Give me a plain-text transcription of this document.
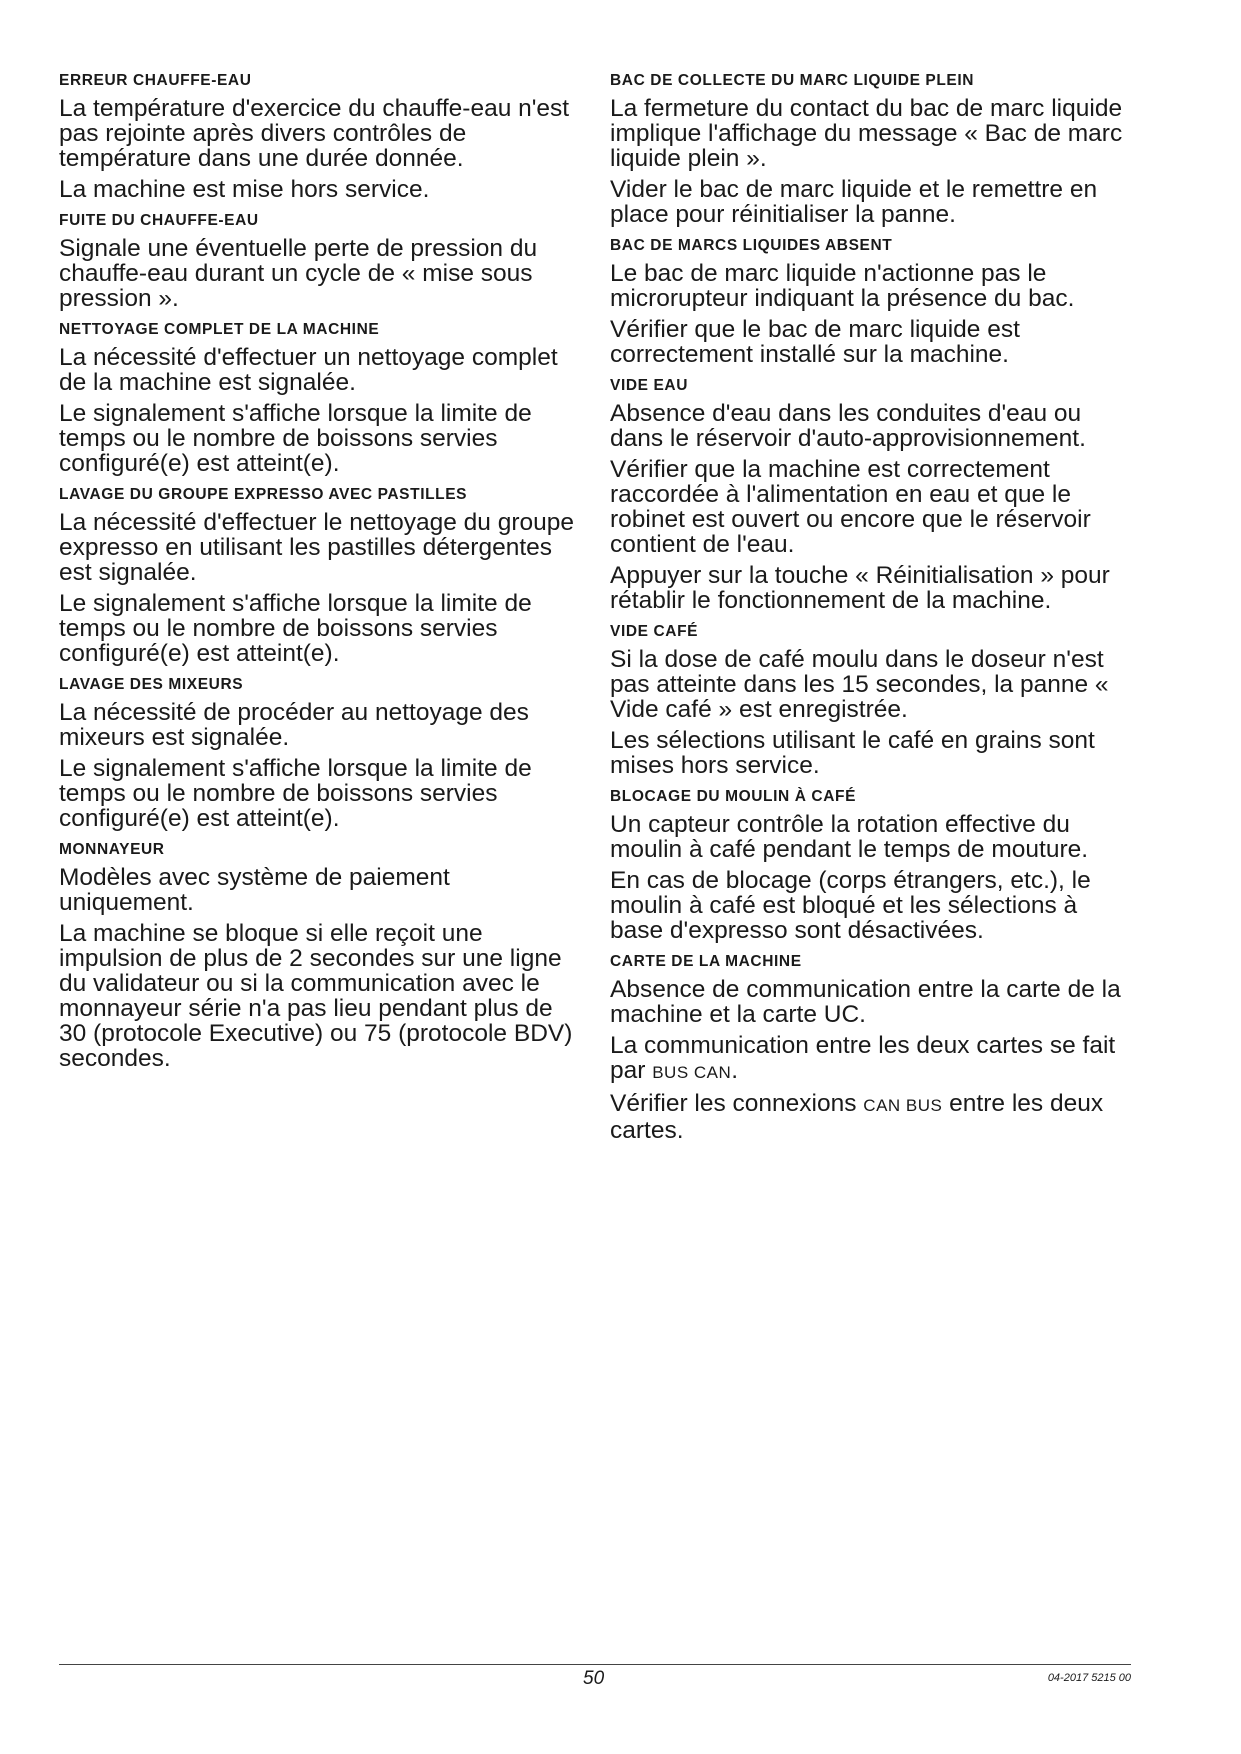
ERREUR CHAUFFE-EAU

La température d'exercice du chauffe-eau n'est pas rejointe après divers contrôles de température dans une durée donnée.

La machine est mise hors service.

FUITE DU CHAUFFE-EAU

Signale une éventuelle perte de pression du chauffe-eau durant un cycle de « mise sous pression ».

NETTOYAGE COMPLET DE LA MACHINE

La nécessité d'effectuer un nettoyage complet de la machine est signalée.

Le signalement s'affiche lorsque la limite de temps ou le nombre de boissons servies configuré(e) est atteint(e).

LAVAGE DU GROUPE EXPRESSO AVEC PASTILLES

La nécessité d'effectuer le nettoyage du groupe expresso en utilisant les pastilles détergentes est signalée.

Le signalement s'affiche lorsque la limite de temps ou le nombre de boissons servies configuré(e) est atteint(e).

LAVAGE DES MIXEURS

La nécessité de procéder au nettoyage des mixeurs est signalée.

Le signalement s'affiche lorsque la limite de temps ou le nombre de boissons servies configuré(e) est atteint(e).

MONNAYEUR

Modèles avec système de paiement uniquement.

La machine se bloque si elle reçoit une impulsion de plus de 2 secondes sur une ligne du validateur ou si la communication avec le monnayeur série n'a pas lieu pendant plus de 30 (protocole Executive) ou 75 (protocole BDV) secondes.

BAC DE COLLECTE DU MARC LIQUIDE PLEIN

La fermeture du contact du bac de marc liquide implique l'affichage du message « Bac de marc liquide plein ».

Vider le bac de marc liquide et le remettre en place pour réinitialiser la panne.

BAC DE MARCS LIQUIDES ABSENT

Le bac de marc liquide n'actionne pas le microrupteur indiquant la présence du bac.

Vérifier que le bac de marc liquide est correctement installé sur la machine.

VIDE EAU

Absence d'eau dans les conduites d'eau ou dans le réservoir d'auto-approvisionnement.

Vérifier que la machine est correctement raccordée à l'alimentation en eau et que le robinet est ouvert ou encore que le réservoir contient de l'eau.

Appuyer sur la touche « Réinitialisation » pour rétablir le fonctionnement de la machine.

VIDE CAFÉ

Si la dose de café moulu dans le doseur n'est pas atteinte dans les 15 secondes, la panne « Vide café » est enregistrée.

Les sélections utilisant le café en grains sont mises hors service.

BLOCAGE DU MOULIN À CAFÉ

Un capteur contrôle la rotation effective du moulin à café pendant le temps de mouture.

En cas de blocage (corps étrangers, etc.), le moulin à café est bloqué et les sélections à base d'expresso sont désactivées.

CARTE DE LA MACHINE

Absence de communication entre la carte de la machine et la carte UC.

La communication entre les deux cartes se fait par BUS CAN.

Vérifier les connexions CAN BUS entre les deux cartes.

50	04-2017 5215 00
